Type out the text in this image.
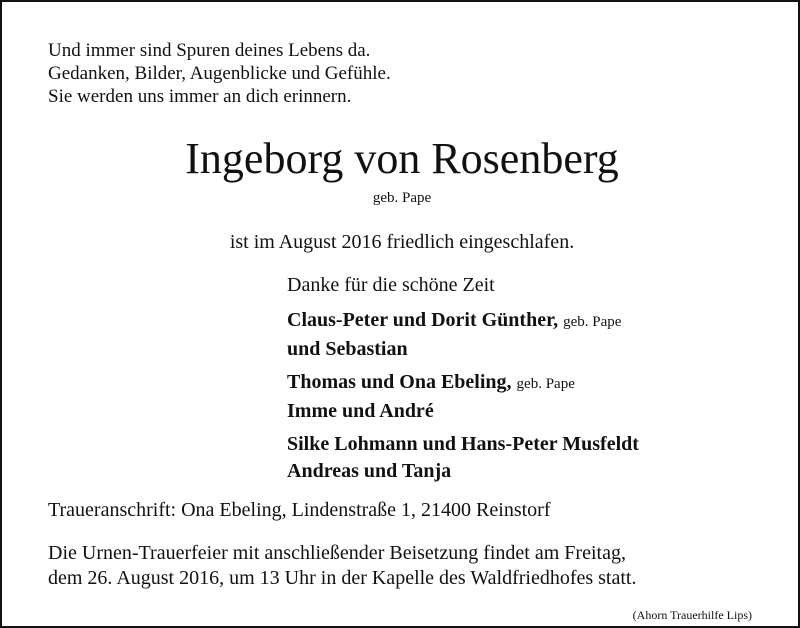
Und immer sind Spuren deines Lebens da.
Gedanken, Bilder, Augenblicke und Gefühle.
Sie werden uns immer an dich erinnern.
Ingeborg von Rosenberg
geb. Pape
ist im August 2016 friedlich eingeschlafen.
Danke für die schöne Zeit
Claus-Peter und Dorit Günther, geb. Pape
und Sebastian
Thomas und Ona Ebeling, geb. Pape
Imme und André
Silke Lohmann und Hans-Peter Musfeldt
Andreas und Tanja
Traueranschrift: Ona Ebeling, Lindenstraße 1, 21400 Reinstorf
Die Urnen-Trauerfeier mit anschließender Beisetzung findet am Freitag,
dem 26. August 2016, um 13 Uhr in der Kapelle des Waldfriedhofes statt.
(Ahorn Trauerhilfe Lips)
